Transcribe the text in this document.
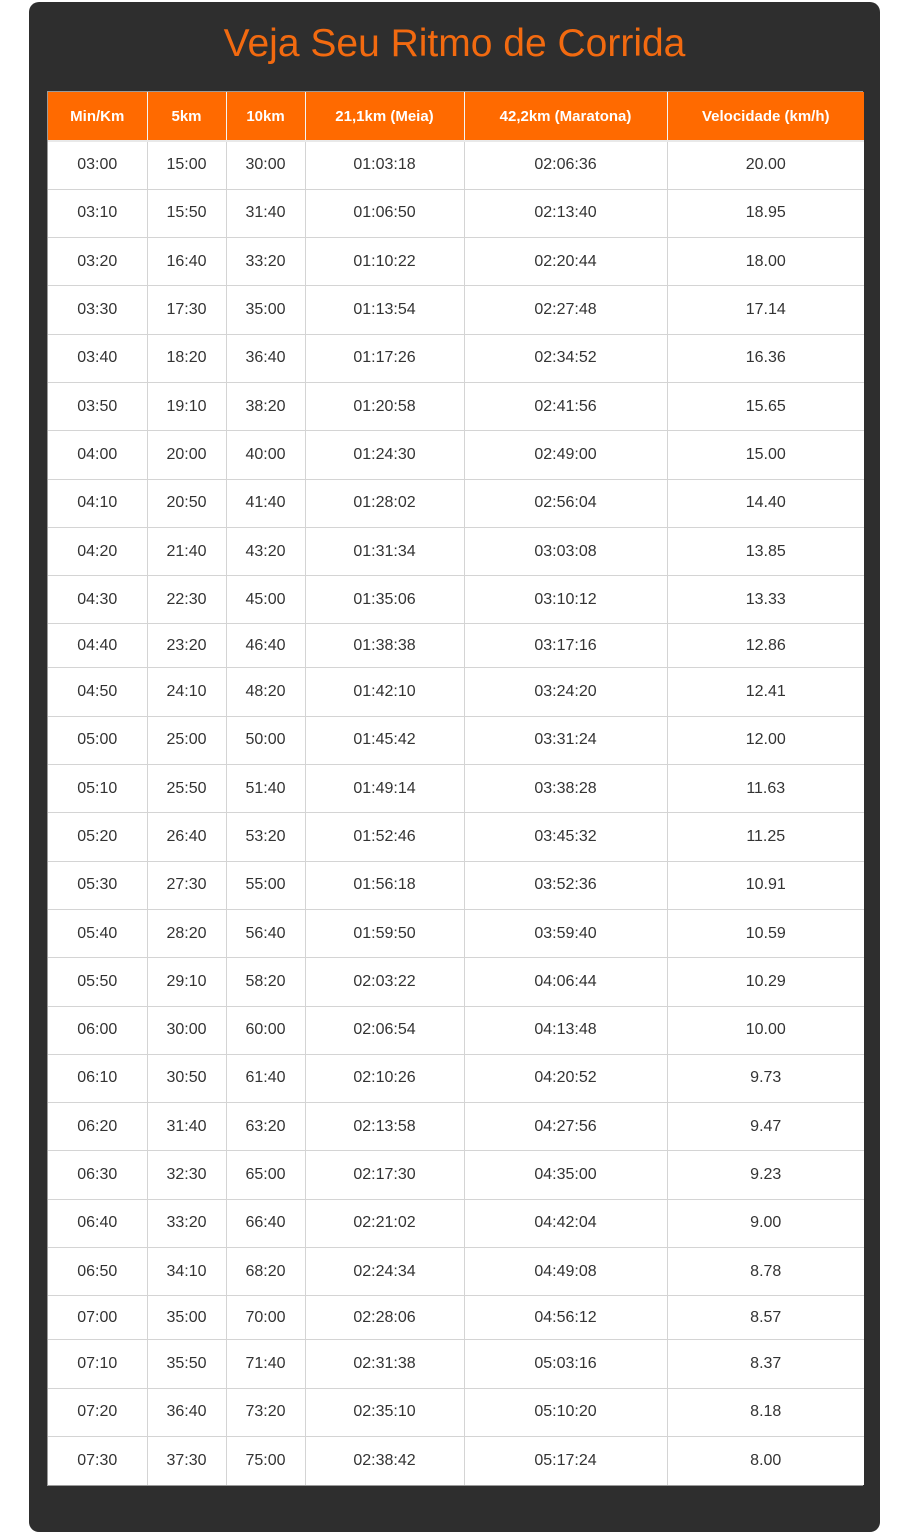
Veja Seu Ritmo de Corrida
Min/Km	5km	10km	21,1km (Meia)	42,2km (Maratona)	Velocidade (km/h)
03:00	15:00	30:00	01:03:18	02:06:36	20.00
03:10	15:50	31:40	01:06:50	02:13:40	18.95
03:20	16:40	33:20	01:10:22	02:20:44	18.00
03:30	17:30	35:00	01:13:54	02:27:48	17.14
03:40	18:20	36:40	01:17:26	02:34:52	16.36
03:50	19:10	38:20	01:20:58	02:41:56	15.65
04:00	20:00	40:00	01:24:30	02:49:00	15.00
04:10	20:50	41:40	01:28:02	02:56:04	14.40
04:20	21:40	43:20	01:31:34	03:03:08	13.85
04:30	22:30	45:00	01:35:06	03:10:12	13.33
04:40	23:20	46:40	01:38:38	03:17:16	12.86
04:50	24:10	48:20	01:42:10	03:24:20	12.41
05:00	25:00	50:00	01:45:42	03:31:24	12.00
05:10	25:50	51:40	01:49:14	03:38:28	11.63
05:20	26:40	53:20	01:52:46	03:45:32	11.25
05:30	27:30	55:00	01:56:18	03:52:36	10.91
05:40	28:20	56:40	01:59:50	03:59:40	10.59
05:50	29:10	58:20	02:03:22	04:06:44	10.29
06:00	30:00	60:00	02:06:54	04:13:48	10.00
06:10	30:50	61:40	02:10:26	04:20:52	9.73
06:20	31:40	63:20	02:13:58	04:27:56	9.47
06:30	32:30	65:00	02:17:30	04:35:00	9.23
06:40	33:20	66:40	02:21:02	04:42:04	9.00
06:50	34:10	68:20	02:24:34	04:49:08	8.78
07:00	35:00	70:00	02:28:06	04:56:12	8.57
07:10	35:50	71:40	02:31:38	05:03:16	8.37
07:20	36:40	73:20	02:35:10	05:10:20	8.18
07:30	37:30	75:00	02:38:42	05:17:24	8.00
